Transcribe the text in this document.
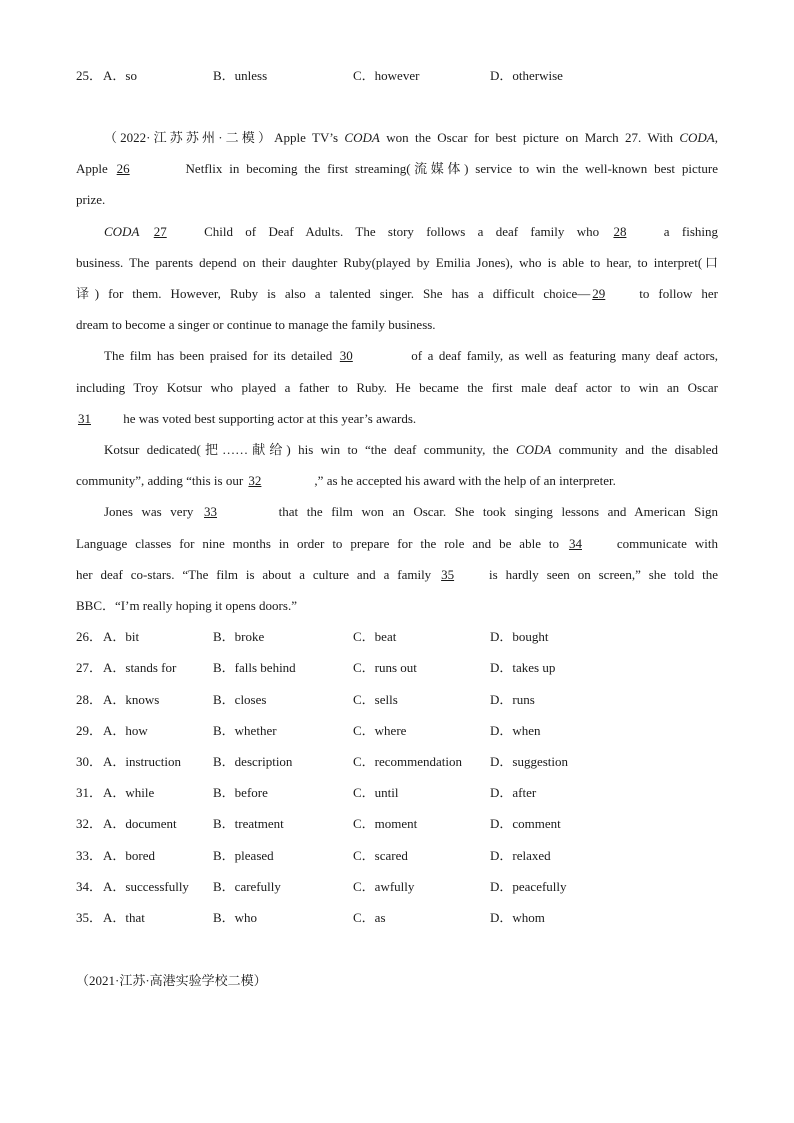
25． A．so	B．unless	C．however	D．otherwise
（2022·江苏苏州·二模）Apple TV’s CODA won the Oscar for best picture on March 27. With CODA,
Apple 26	Netflix in becoming the first streaming(流媒体) service to win the well-known best picture
prize.
CODA 27 Child of Deaf Adults. The story follows a deaf family who 28 a fishing
business. The parents depend on their daughter Ruby(played by Emilia Jones), who is able to hear, to interpret(口
译) for them. However, Ruby is also a talented singer. She has a difficult choice— 29 to follow her
dream to become a singer or continue to manage the family business.
The film has been praised for its detailed 30	of a deaf family, as well as featuring many deaf actors,
including Troy Kotsur who played a father to Ruby. He became the first male deaf actor to win an Oscar
31 he was voted best supporting actor at this year’s awards.
Kotsur dedicated(把……献给) his win to “the deaf community, the CODA community and the disabled
community”, adding “this is our 32	,” as he accepted his award with the help of an interpreter.
Jones was very 33	that the film won an Oscar. She took singing lessons and American Sign
Language classes for nine months in order to prepare for the role and be able to 34 communicate with
her deaf co-stars. “The film is about a culture and a family 35 is hardly seen on screen,” she told the
BBC．“I’m really hoping it opens doors.”
26． A．bit	B．broke	C．beat	D．bought
27． A．stands for	B．falls behind	C．runs out	D．takes up
28． A．knows	B．closes	C．sells	D．runs
29． A．how	B．whether	C．where	D．when
30． A．instruction B．description	C．recommendation D．suggestion
31． A．while	B．before	C．until	D．after
32． A．document	B．treatment	C．moment	D．comment
33． A．bored	B．pleased	C．scared	D．relaxed
34． A．successfully B．carefully	C．awfully	D．peacefully
35． A．that	B．who	C．as	D．whom
（2021·江苏·高港实验学校二模）
